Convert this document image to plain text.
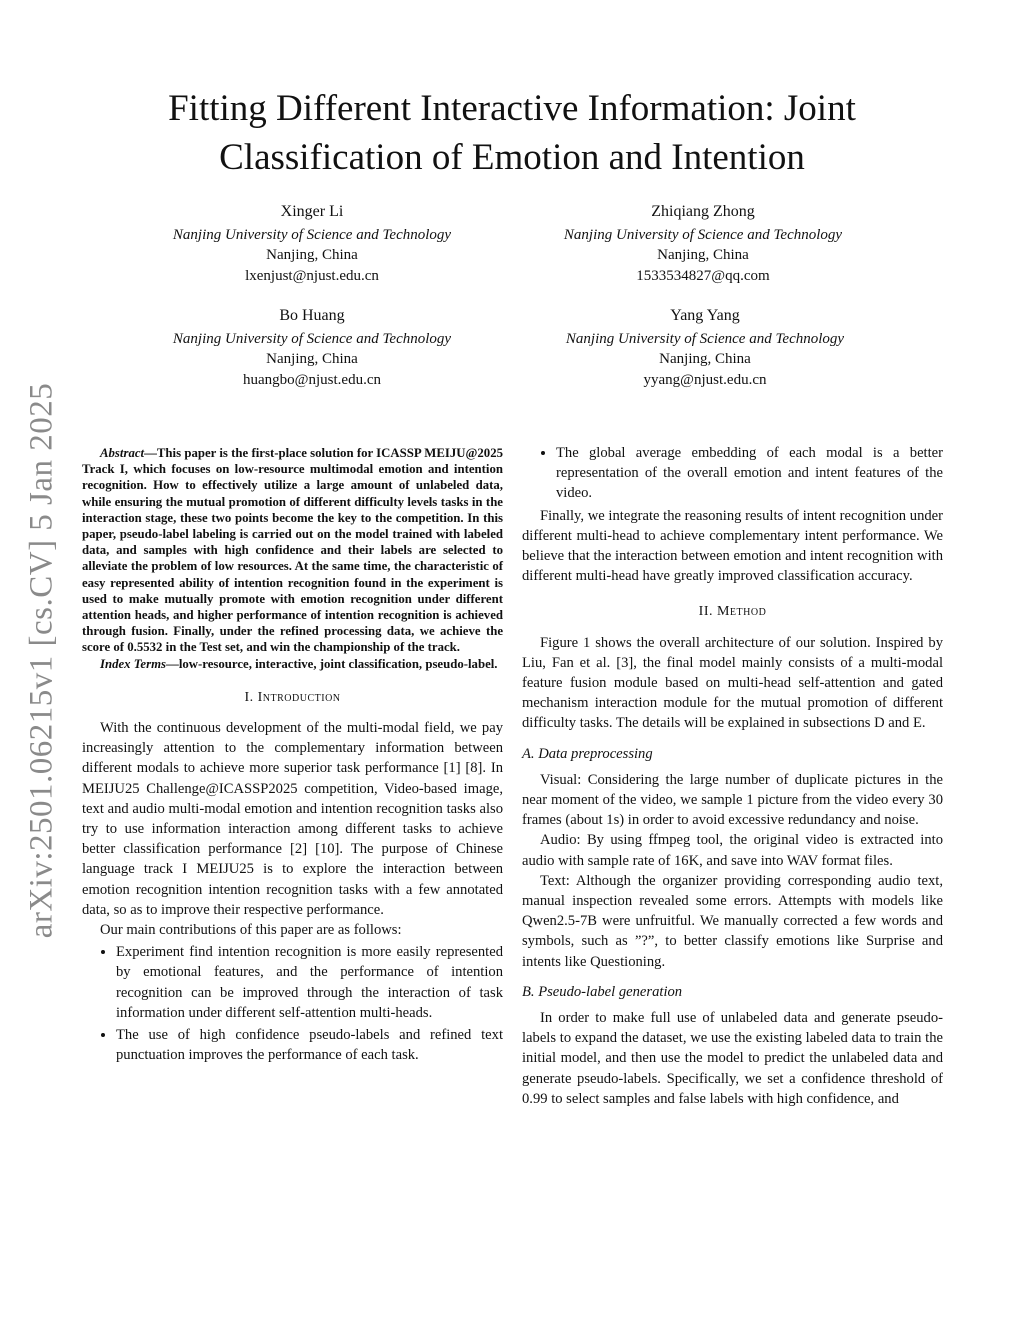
arXiv:2501.06215v1 [cs.CV] 5 Jan 2025
Fitting Different Interactive Information: Joint Classification of Emotion and Intention
Xinger Li
Nanjing University of Science and Technology
Nanjing, China
lxenjust@njust.edu.cn
Zhiqiang Zhong
Nanjing University of Science and Technology
Nanjing, China
1533534827@qq.com
Bo Huang
Nanjing University of Science and Technology
Nanjing, China
huangbo@njust.edu.cn
Yang Yang
Nanjing University of Science and Technology
Nanjing, China
yyang@njust.edu.cn

Abstract—This paper is the first-place solution for ICASSP MEIJU@2025 Track I, which focuses on low-resource multimodal emotion and intention recognition. How to effectively utilize a large amount of unlabeled data, while ensuring the mutual promotion of different difficulty levels tasks in the interaction stage, these two points become the key to the competition. In this paper, pseudo-label labeling is carried out on the model trained with labeled data, and samples with high confidence and their labels are selected to alleviate the problem of low resources. At the same time, the characteristic of easy represented ability of intention recognition found in the experiment is used to make mutually promote with emotion recognition under different attention heads, and higher performance of intention recognition is achieved through fusion. Finally, under the refined processing data, we achieve the score of 0.5532 in the Test set, and win the championship of the track.

Index Terms—low-resource, interactive, joint classification, pseudo-label.

I. Introduction

With the continuous development of the multi-modal field, we pay increasingly attention to the complementary information between different modals to achieve more superior task performance [1] [8]. In MEIJU25 Challenge@ICASSP2025 competition, Video-based image, text and audio multi-modal emotion and intention recognition tasks also try to use information interaction among different tasks to achieve better classification performance [2] [10]. The purpose of Chinese language track I MEIJU25 is to explore the interaction between emotion recognition intention recognition tasks with a few annotated data, so as to improve their respective performance.

Our main contributions of this paper are as follows:

• Experiment find intention recognition is more easily represented by emotional features, and the performance of intention recognition can be improved through the interaction of task information under different self-attention multi-heads.
• The use of high confidence pseudo-labels and refined text punctuation improves the performance of each task.
• The global average embedding of each modal is a better representation of the overall emotion and intent features of the video.

Finally, we integrate the reasoning results of intent recognition under different multi-head to achieve complementary intent performance. We believe that the interaction between emotion and intent recognition with different multi-head have greatly improved classification accuracy.

II. Method

Figure 1 shows the overall architecture of our solution. Inspired by Liu, Fan et al. [3], the final model mainly consists of a multi-modal feature fusion module based on multi-head self-attention and gated mechanism interaction module for the mutual promotion of different difficulty tasks. The details will be explained in subsections D and E.

A. Data preprocessing

Visual: Considering the large number of duplicate pictures in the near moment of the video, we sample 1 picture from the video every 30 frames (about 1s) in order to avoid excessive redundancy and noise.

Audio: By using ffmpeg tool, the original video is extracted into audio with sample rate of 16K, and save into WAV format files.

Text: Although the organizer providing corresponding audio text, manual inspection revealed some errors. Attempts with models like Qwen2.5-7B were unfruitful. We manually corrected a few words and symbols, such as ”?”, to better classify emotions like Surprise and intents like Questioning.

B. Pseudo-label generation

In order to make full use of unlabeled data and generate pseudo-labels to expand the dataset, we use the existing labeled data to train the initial model, and then use the model to predict the unlabeled data and generate pseudo-labels. Specifically, we set a confidence threshold of 0.99 to select samples and false labels with high confidence, and
